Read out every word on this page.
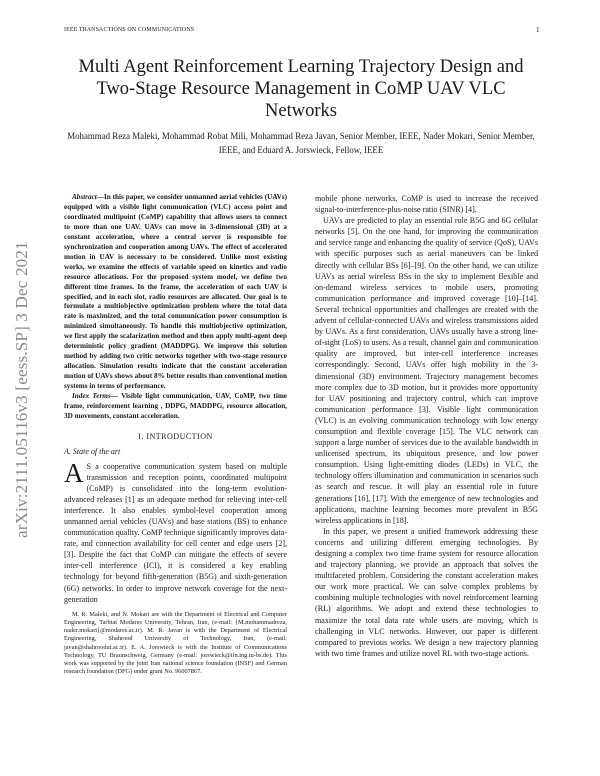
IEEE TRANSACTIONS ON COMMUNICATIONS	1
arXiv:2111.05116v3 [eess.SP] 3 Dec 2021
Multi Agent Reinforcement Learning Trajectory Design and Two-Stage Resource Management in CoMP UAV VLC Networks
Mohammad Reza Maleki, Mohammad Robat Mili, Mohammad Reza Javan, Senior Member, IEEE, Nader Mokari, Senior Member, IEEE, and Eduard A. Jorswieck, Fellow, IEEE

Abstract—In this paper, we consider unmanned aerial vehicles (UAVs) equipped with a visible light communication (VLC) access point and coordinated multipoint (CoMP) capability that allows users to connect to more than one UAV. UAVs can move in 3-dimensional (3D) at a constant acceleration, where a central server is responsible for synchronization and cooperation among UAVs. The effect of accelerated motion in UAV is necessary to be considered. Unlike most existing works, we examine the effects of variable speed on kinetics and radio resource allocations. For the proposed system model, we define two different time frames. In the frame, the acceleration of each UAV is specified, and in each slot, radio resources are allocated. Our goal is to formulate a multiobjective optimization problem where the total data rate is maximized, and the total communication power consumption is minimized simultaneously. To handle this multiobjective optimization, we first apply the scalarization method and then apply multi-agent deep deterministic policy gradient (MADDPG). We improve this solution method by adding two critic networks together with two-stage resource allocation. Simulation results indicate that the constant acceleration motion of UAVs shows about 8% better results than conventional motion systems in terms of performance.

Index Terms— Visible light communication, UAV, CoMP, two time frame, reinforcement learning , DDPG, MADDPG, resource allocation, 3D movements, constant acceleration.

I. INTRODUCTION
A. State of the art

A S a cooperative communication system based on multiple transmission and reception points, coordinated multipoint (CoMP) is consolidated into the long-term evolution-advanced releases [1] as an adequate method for relieving inter-cell interference. It also enables symbol-level cooperation among unmanned aerial vehicles (UAVs) and base stations (BS) to enhance communication quality. CoMP technique significantly improves data-rate, and connection availability for cell center and edge users [2], [3]. Despite the fact that CoMP can mitigate the effects of severe inter-cell interference (ICI), it is considered a key enabling technology for beyond fifth-generation (B5G) and sixth-generation (6G) networks. In order to improve network coverage for the next-generation

M. R. Maleki, and N. Mokari are with the Department of Electrical and Computer Engineering, Tarbiat Modares University, Tehran, Iran, (e-mail: {M.mohammadreza, nader.mokari}@modares.ac.ir). M. R. Javan is with the Department of Electrical Engineering, Shahrood University of Technology, Iran, (e-mail: javan@shahroodut.ac.ir). E. A. Jorswieck is with the Institute of Communications Technology, TU Braunschweig, Germany (e-mail: jorswieck@ifn.ing.tu-bs.de). This work was supported by the joint Iran national science foundation (INSF) and German research foundation (DFG) under grant No. 96007867.

mobile phone networks, CoMP is used to increase the received signal-to-interference-plus-noise ratio (SINR) [4].

UAVs are predicted to play an essential role B5G and 6G cellular networks [5]. On the one hand, for improving the communication and service range and enhancing the quality of service (QoS), UAVs with specific purposes such as aerial maneuvers can be linked directly with cellular BSs [6]–[9]. On the other hand, we can utilize UAVs as aerial wireless BSs in the sky to implement flexible and on-demand wireless services to mobile users, promoting communication performance and improved coverage [10]–[14]. Several technical opportunities and challenges are created with the advent of cellular-connected UAVs and wireless transmissions aided by UAVs. As a first consideration, UAVs usually have a strong line-of-sight (LoS) to users. As a result, channel gain and communication quality are improved, but inter-cell interference increases correspondingly. Second, UAVs offer high mobility in the 3-dimensional (3D) environment. Trajectory management becomes more complex due to 3D motion, but it provides more opportunity for UAV positioning and trajectory control, which can improve communication performance [3]. Visible light communication (VLC) is an evolving communication technology with low energy consumption and flexible coverage [15]. The VLC network can support a large number of services due to the available bandwidth in unlicensed spectrum, its ubiquitous presence, and low power consumption. Using light-emitting diodes (LEDs) in VLC, the technology offers illumination and communication in scenarios such as search and rescue. It will play an essential role in future generations [16], [17]. With the emergence of new technologies and applications, machine learning becomes more prevalent in B5G wireless applications in [18].

In this paper, we present a unified framework addressing these concerns and utilizing different emerging technologies. By designing a complex two time frame system for resource allocation and trajectory planning, we provide an approach that solves the multifaceted problem. Considering the constant acceleration makes our work more practical. We can solve complex problems by combining multiple technologies with novel reinforcement learning (RL) algorithms. We adopt and extend these technologies to maximize the total data rate while users are moving, which is challenging in VLC networks. However, our paper is different compared to previous works. We design a new trajectory planning with two time frames and utilize novel RL with two-stage actions.
